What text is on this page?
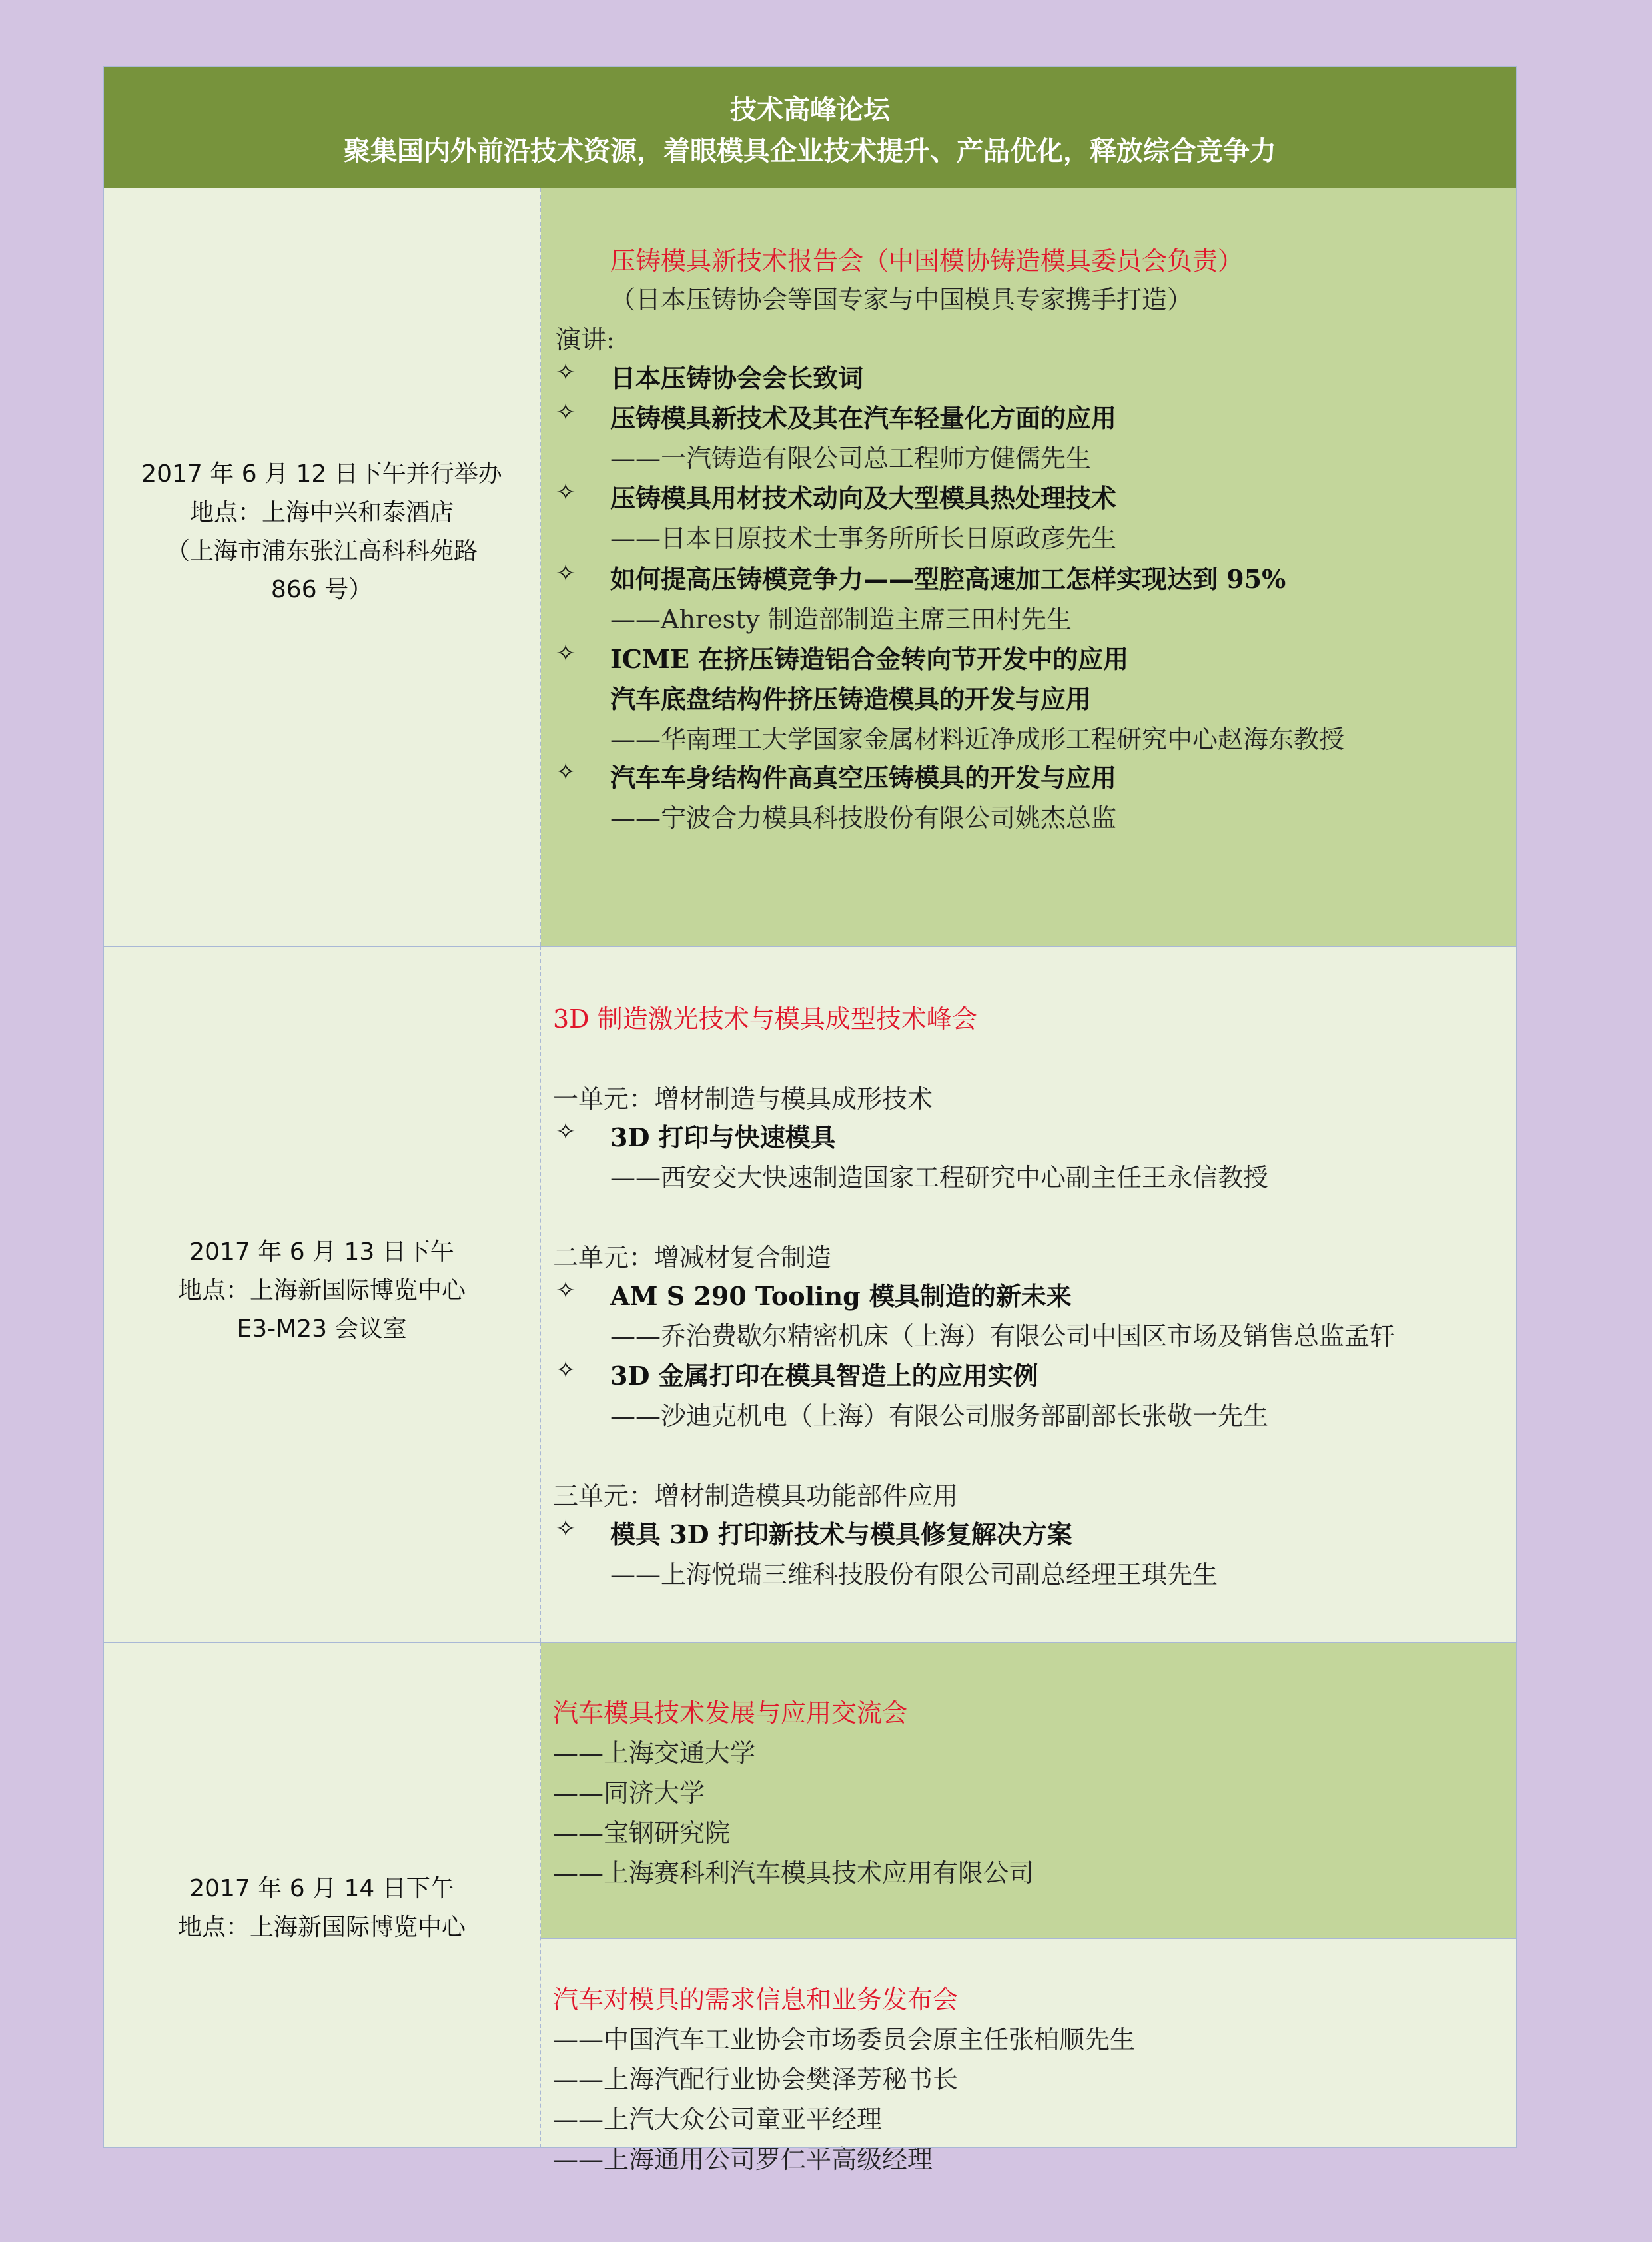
技术高峰论坛
聚集国内外前沿技术资源，着眼模具企业技术提升、产品优化，释放综合竞争力
2017 年 6 月 12 日下午并行举办
地点：上海中兴和泰酒店
（上海市浦东张江高科科苑路
866 号）
压铸模具新技术报告会（中国模协铸造模具委员会负责）
（日本压铸协会等国专家与中国模具专家携手打造）
演讲:
✧ 日本压铸协会会长致词
✧ 压铸模具新技术及其在汽车轻量化方面的应用
——一汽铸造有限公司总工程师方健儒先生
✧ 压铸模具用材技术动向及大型模具热处理技术
——日本日原技术士事务所所长日原政彦先生
✧ 如何提高压铸模竞争力——型腔高速加工怎样实现达到 95%
——Ahresty 制造部制造主席三田村先生
✧ ICME 在挤压铸造铝合金转向节开发中的应用
汽车底盘结构件挤压铸造模具的开发与应用
——华南理工大学国家金属材料近净成形工程研究中心赵海东教授
✧ 汽车车身结构件高真空压铸模具的开发与应用
——宁波合力模具科技股份有限公司姚杰总监
2017 年 6 月 13 日下午
地点：上海新国际博览中心
E3-M23 会议室
3D 制造激光技术与模具成型技术峰会
一单元：增材制造与模具成形技术
✧ 3D 打印与快速模具
——西安交大快速制造国家工程研究中心副主任王永信教授
二单元：增减材复合制造
✧ AM S 290 Tooling 模具制造的新未来
——乔治费歇尔精密机床（上海）有限公司中国区市场及销售总监孟轩
✧ 3D 金属打印在模具智造上的应用实例
——沙迪克机电（上海）有限公司服务部副部长张敬一先生
三单元：增材制造模具功能部件应用
✧ 模具 3D 打印新技术与模具修复解决方案
——上海悦瑞三维科技股份有限公司副总经理王琪先生
2017 年 6 月 14 日下午
地点：上海新国际博览中心
汽车模具技术发展与应用交流会
——上海交通大学
——同济大学
——宝钢研究院
——上海赛科利汽车模具技术应用有限公司
汽车对模具的需求信息和业务发布会
——中国汽车工业协会市场委员会原主任张柏顺先生
——上海汽配行业协会樊泽芳秘书长
——上汽大众公司童亚平经理
——上海通用公司罗仁平高级经理
